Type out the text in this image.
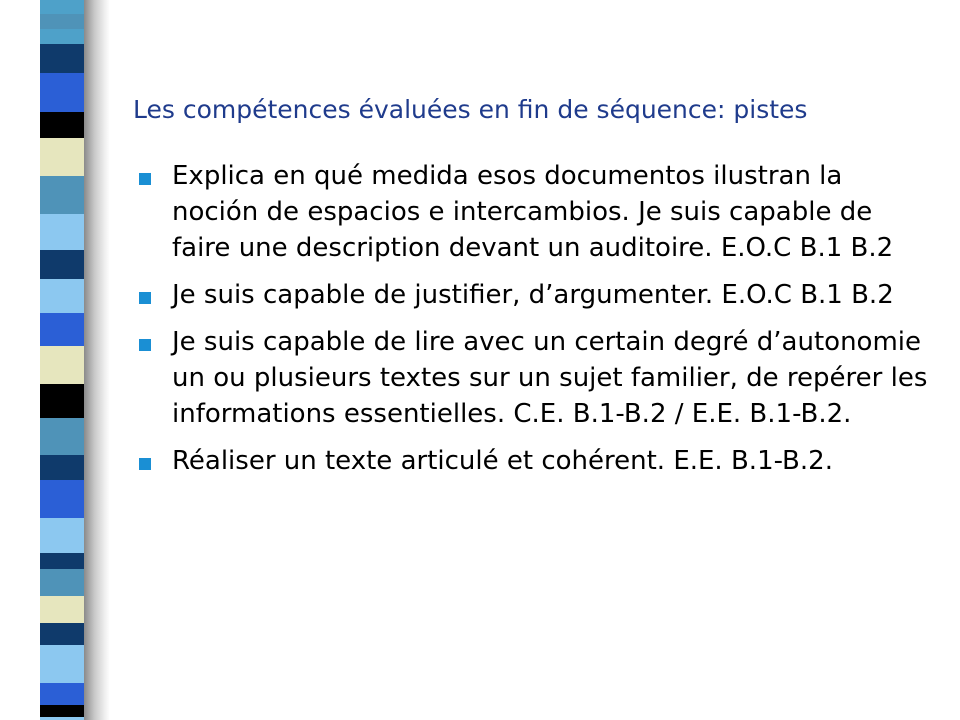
Les compétences évaluées en fin de séquence: pistes
Explica en qué medida esos documentos ilustran la noción de espacios e intercambios. Je suis capable de faire une description devant un auditoire. E.O.C B.1 B.2
Je suis capable de justifier, d’argumenter. E.O.C B.1 B.2
Je suis capable de lire avec un certain degré d’autonomie un ou plusieurs textes sur un sujet familier, de repérer les informations essentielles. C.E. B.1-B.2 / E.E. B.1-B.2.
Réaliser un texte articulé et cohérent. E.E. B.1-B.2.
